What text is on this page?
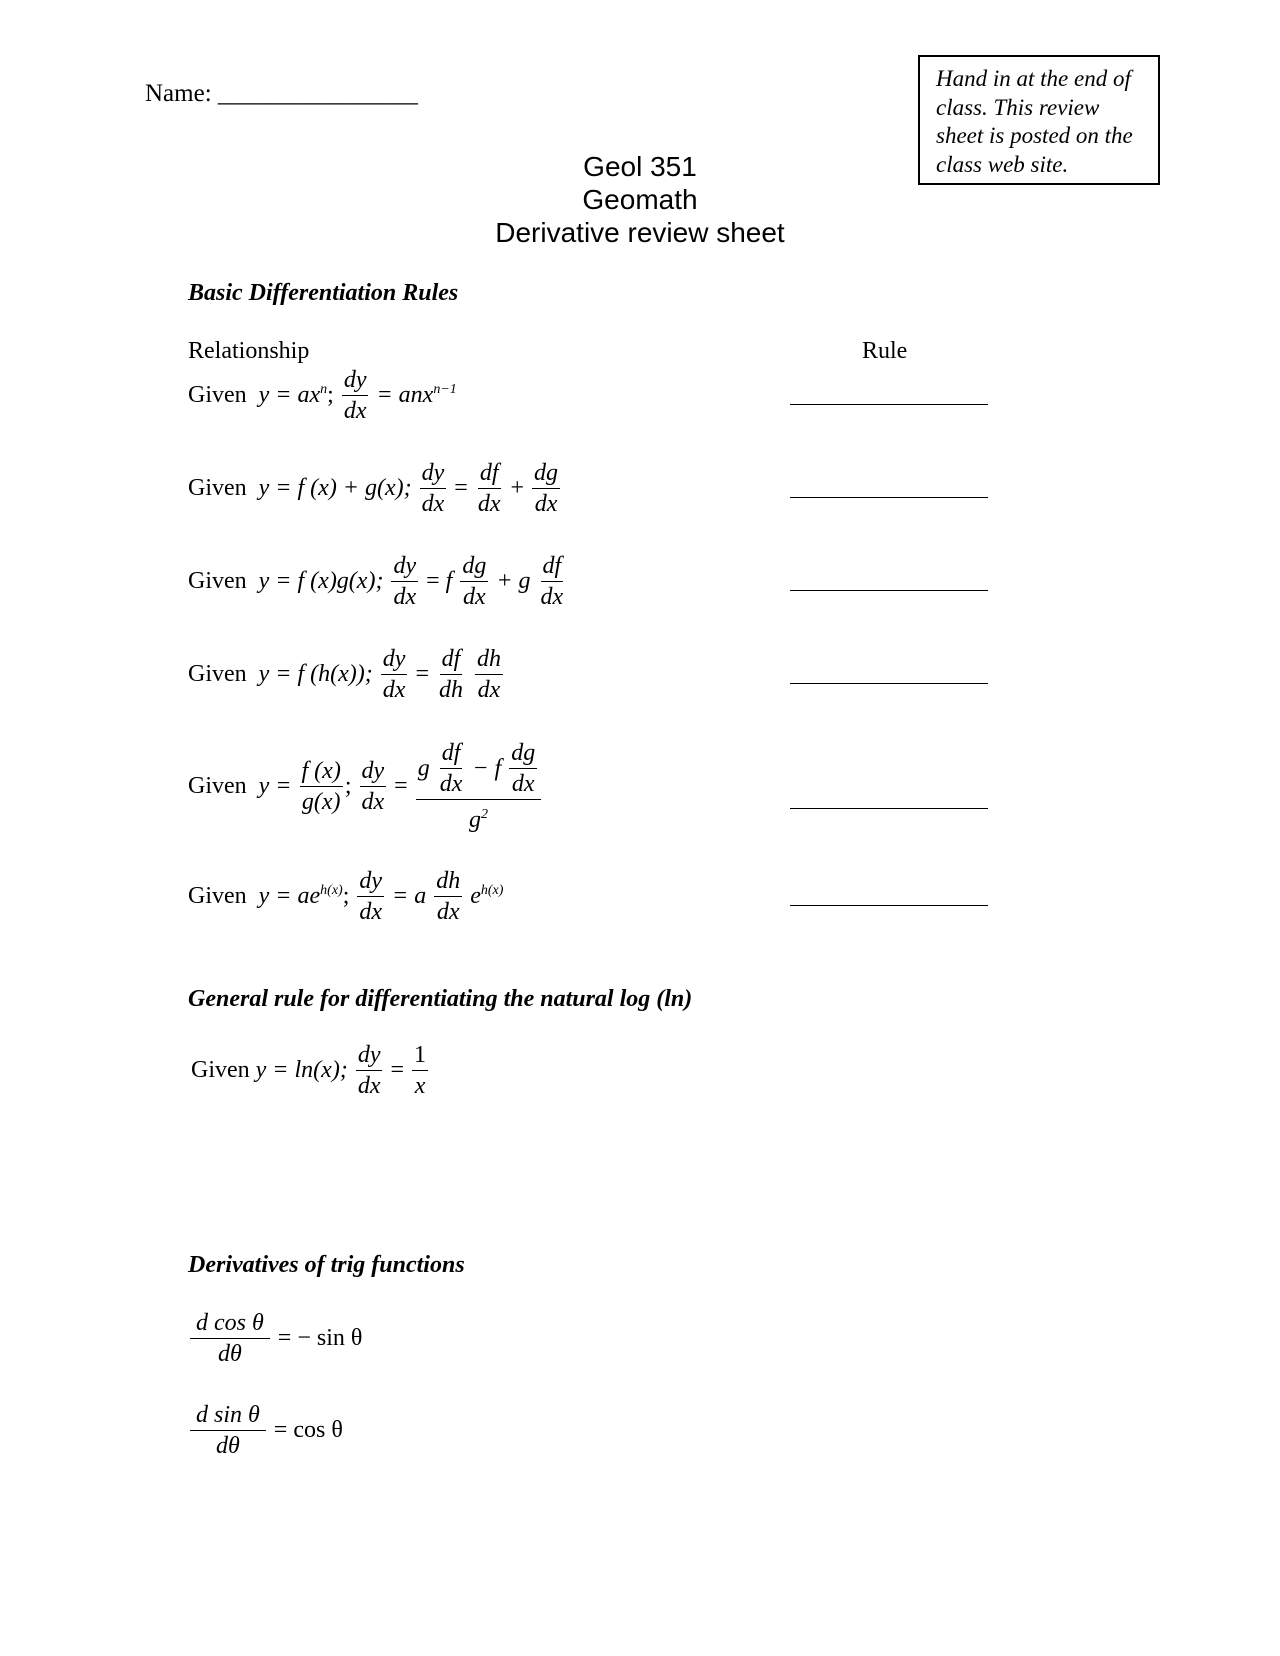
Name: ________________
Hand in at the end of class. This review sheet is posted on the class web site.
Geol 351
Geomath
Derivative review sheet
Basic Differentiation Rules
Relationship	Rule
Given $y = ax^n$; $\frac{dy}{dx} = anx^{n-1}$
Given y = f (x) + g(x); $\frac{dy}{dx} = \frac{df}{dx} + \frac{dg}{dx}$
Given y = f (x)g(x); $\frac{dy}{dx} = f \frac{dg}{dx} + g \frac{df}{dx}$
Given y = f (h(x)); $\frac{dy}{dx} = \frac{df}{dh}$
$\frac{dh}{dx}$
Given $y = \frac{f (x)}{g(x)}$ ; $\frac{dy}{dx} = \frac{g \frac{df}{dx} - f \frac{dg}{dx}}{g^2}$
Given $y = ae^{h(x)}$; $\frac{dy}{dx} = a \frac{dh}{dx} e^{h(x)}$
General rule for differentiating the natural log (ln)
Given y = ln(x); $\frac{dy}{dx} = \frac{1}{x}$
Derivatives of trig functions
$\frac{\text{d cos θ}}{d\theta}$ = − sin θ
$\frac{\text{d sin θ}}{d\theta} = \cos \theta$
